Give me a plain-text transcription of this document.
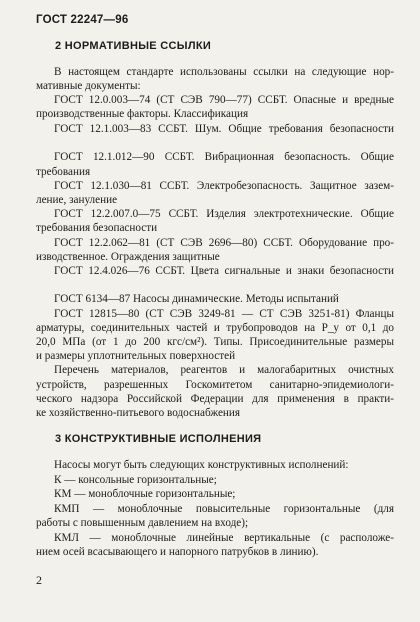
ГОСТ 22247—96
2 НОРМАТИВНЫЕ ССЫЛКИ
В настоящем стандарте использованы ссылки на следующие нор-
мативные документы:
ГОСТ 12.0.003—74 (СТ СЭВ 790—77) ССБТ. Опасные и вредные
производственные факторы. Классификация
ГОСТ 12.1.003—83 ССБТ. Шум. Общие требования безопасности
ГОСТ 12.1.012—90 ССБТ. Вибрационная безопасность. Общие
требования
ГОСТ 12.1.030—81 ССБТ. Электробезопасность. Защитное зазем-
ление, зануление
ГОСТ 12.2.007.0—75 ССБТ. Изделия электротехнические. Общие
требования безопасности
ГОСТ 12.2.062—81 (СТ СЭВ 2696—80) ССБТ. Оборудование про-
изводственное. Ограждения защитные
ГОСТ 12.4.026—76 ССБТ. Цвета сигнальные и знаки безопасности
ГОСТ 6134—87 Насосы динамические. Методы испытаний
ГОСТ 12815—80 (СТ СЭВ 3249-81 — СТ СЭВ 3251-81) Фланцы
арматуры, соединительных частей и трубопроводов на P_y от 0,1 до
20,0 МПа (от 1 до 200 кгс/см²). Типы. Присоединительные размеры
и размеры уплотнительных поверхностей
Перечень материалов, реагентов и малогабаритных очистных
устройств, разрешенных Госкомитетом санитарно-эпидемиологи-
ческого надзора Российской Федерации для применения в практи-
ке хозяйственно-питьевого водоснабжения
3 КОНСТРУКТИВНЫЕ ИСПОЛНЕНИЯ
Насосы могут быть следующих конструктивных исполнений:
К — консольные горизонтальные;
КМ — моноблочные горизонтальные;
КМП — моноблочные повысительные горизонтальные (для
работы с повышенным давлением на входе);
КМЛ — моноблочные линейные вертикальные (с расположе-
нием осей всасывающего и напорного патрубков в линию).
2
